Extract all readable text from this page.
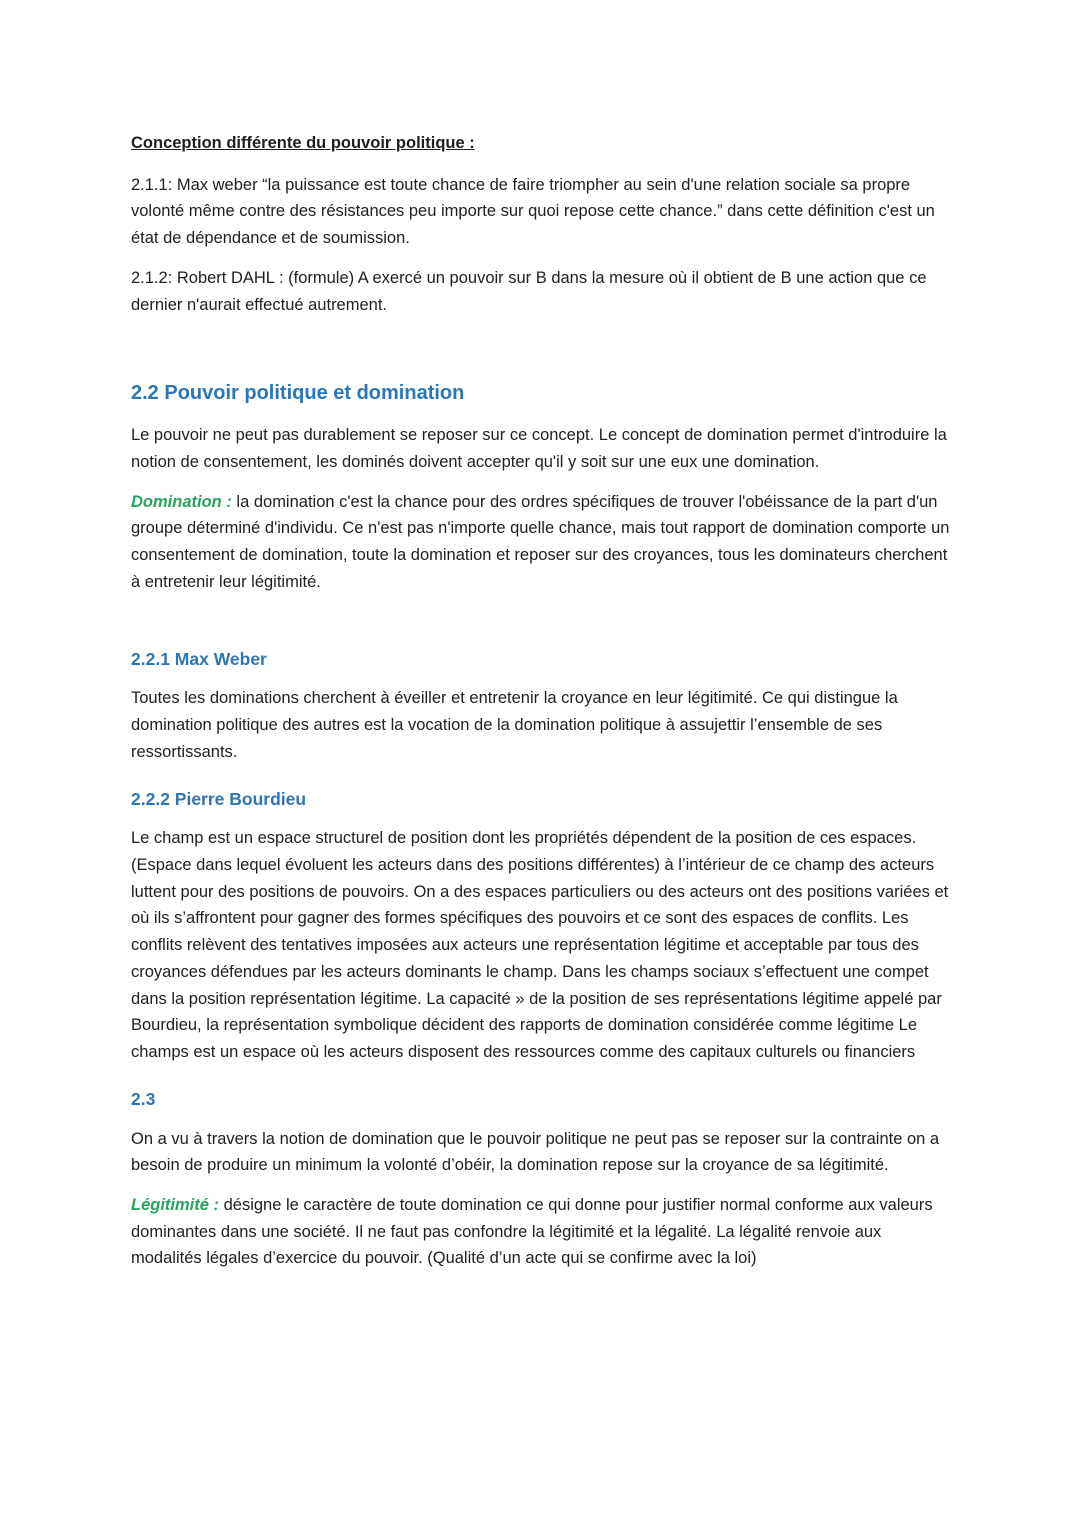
Conception différente du pouvoir politique :

2.1.1: Max weber “la puissance est toute chance de faire triompher au sein d'une relation sociale sa propre volonté même contre des résistances peu importe sur quoi repose cette chance.” dans cette définition c'est un état de dépendance et de soumission.

2.1.2: Robert DAHL : (formule) A exercé un pouvoir sur B dans la mesure où il obtient de B une action que ce dernier n'aurait effectué autrement.

2.2 Pouvoir politique et domination

Le pouvoir ne peut pas durablement se reposer sur ce concept. Le concept de domination permet d'introduire la notion de consentement, les dominés doivent accepter qu'il y soit sur une eux une domination.

Domination : la domination c'est la chance pour des ordres spécifiques de trouver l'obéissance de la part d'un groupe déterminé d'individu. Ce n'est pas n'importe quelle chance, mais tout rapport de domination comporte un consentement de domination, toute la domination et reposer sur des croyances, tous les dominateurs cherchent à entretenir leur légitimité.

2.2.1 Max Weber

Toutes les dominations cherchent à éveiller et entretenir la croyance en leur légitimité. Ce qui distingue la domination politique des autres est la vocation de la domination politique à assujettir l’ensemble de ses ressortissants.

2.2.2 Pierre Bourdieu

Le champ est un espace structurel de position dont les propriétés dépendent de la position de ces espaces. (Espace dans lequel évoluent les acteurs dans des positions différentes) à l’intérieur de ce champ des acteurs luttent pour des positions de pouvoirs. On a des espaces particuliers ou des acteurs ont des positions variées et où ils s’affrontent pour gagner des formes spécifiques des pouvoirs et ce sont des espaces de conflits. Les conflits relèvent des tentatives imposées aux acteurs une représentation légitime et acceptable par tous des croyances défendues par les acteurs dominants le champ. Dans les champs sociaux s’effectuent une compet dans la position représentation légitime. La capacité » de la position de ses représentations légitime appelé par Bourdieu, la représentation symbolique décident des rapports de domination considérée comme légitime Le champs est un espace où les acteurs disposent des ressources comme des capitaux culturels ou financiers

2.3

On a vu à travers la notion de domination que le pouvoir politique ne peut pas se reposer sur la contrainte on a besoin de produire un minimum la volonté d’obéir, la domination repose sur la croyance de sa légitimité.

Légitimité : désigne le caractère de toute domination ce qui donne pour justifier normal conforme aux valeurs dominantes dans une société. Il ne faut pas confondre la légitimité et la légalité. La légalité renvoie aux modalités légales d’exercice du pouvoir. (Qualité d’un acte qui se confirme avec la loi)
